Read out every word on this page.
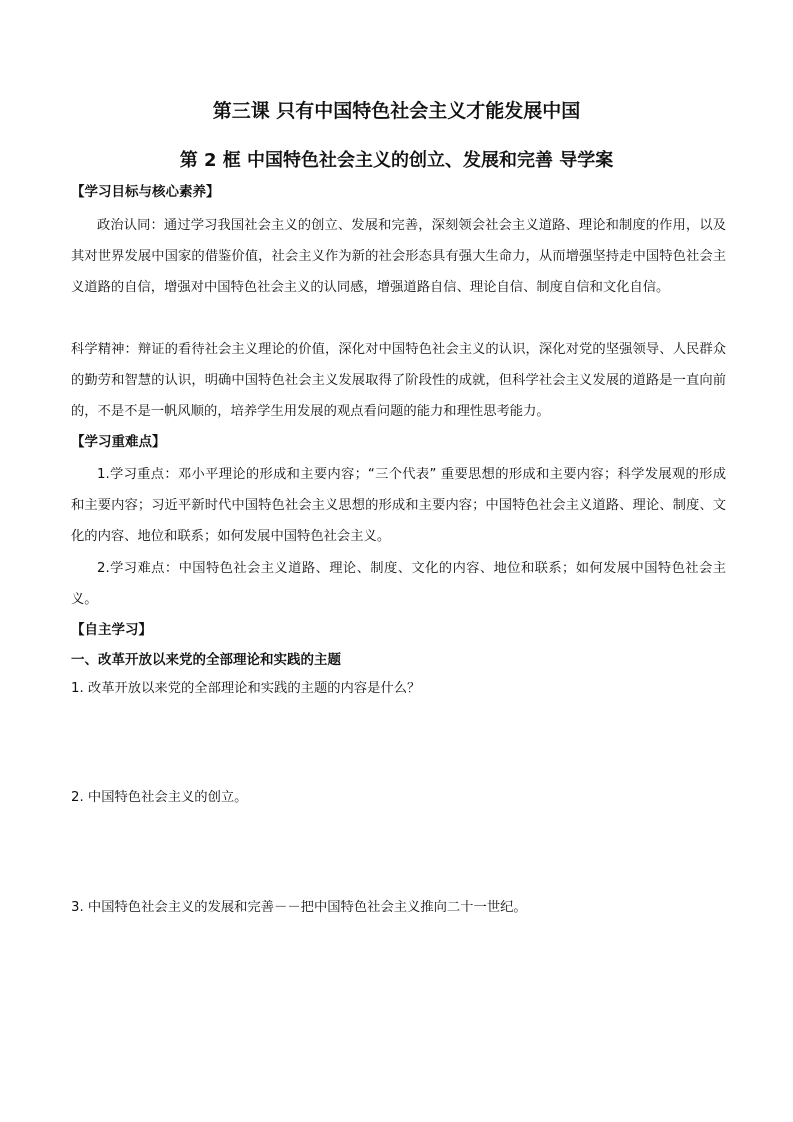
第三课 只有中国特色社会主义才能发展中国
第 2 框 中国特色社会主义的创立、发展和完善 导学案
【学习目标与核心素养】
政治认同：通过学习我国社会主义的创立、发展和完善，深刻领会社会主义道路、理论和制度的作用，以及其对世界发展中国家的借鉴价值，社会主义作为新的社会形态具有强大生命力，从而增强坚持走中国特色社会主义道路的自信，增强对中国特色社会主义的认同感，增强道路自信、理论自信、制度自信和文化自信。
科学精神：辩证的看待社会主义理论的价值，深化对中国特色社会主义的认识，深化对党的坚强领导、人民群众的勤劳和智慧的认识，明确中国特色社会主义发展取得了阶段性的成就，但科学社会主义发展的道路是一直向前的，不是不是一帆风顺的，培养学生用发展的观点看问题的能力和理性思考能力。
【学习重难点】
1.学习重点：邓小平理论的形成和主要内容；“三个代表” 重要思想的形成和主要内容；科学发展观的形成和主要内容；习近平新时代中国特色社会主义思想的形成和主要内容；中国特色社会主义道路、理论、制度、文化的内容、地位和联系；如何发展中国特色社会主义。
2.学习难点：中国特色社会主义道路、理论、制度、文化的内容、地位和联系；如何发展中国特色社会主义。
【自主学习】
一、改革开放以来党的全部理论和实践的主题
1. 改革开放以来党的全部理论和实践的主题的内容是什么？
2. 中国特色社会主义的创立。
3. 中国特色社会主义的发展和完善－－把中国特色社会主义推向二十一世纪。
